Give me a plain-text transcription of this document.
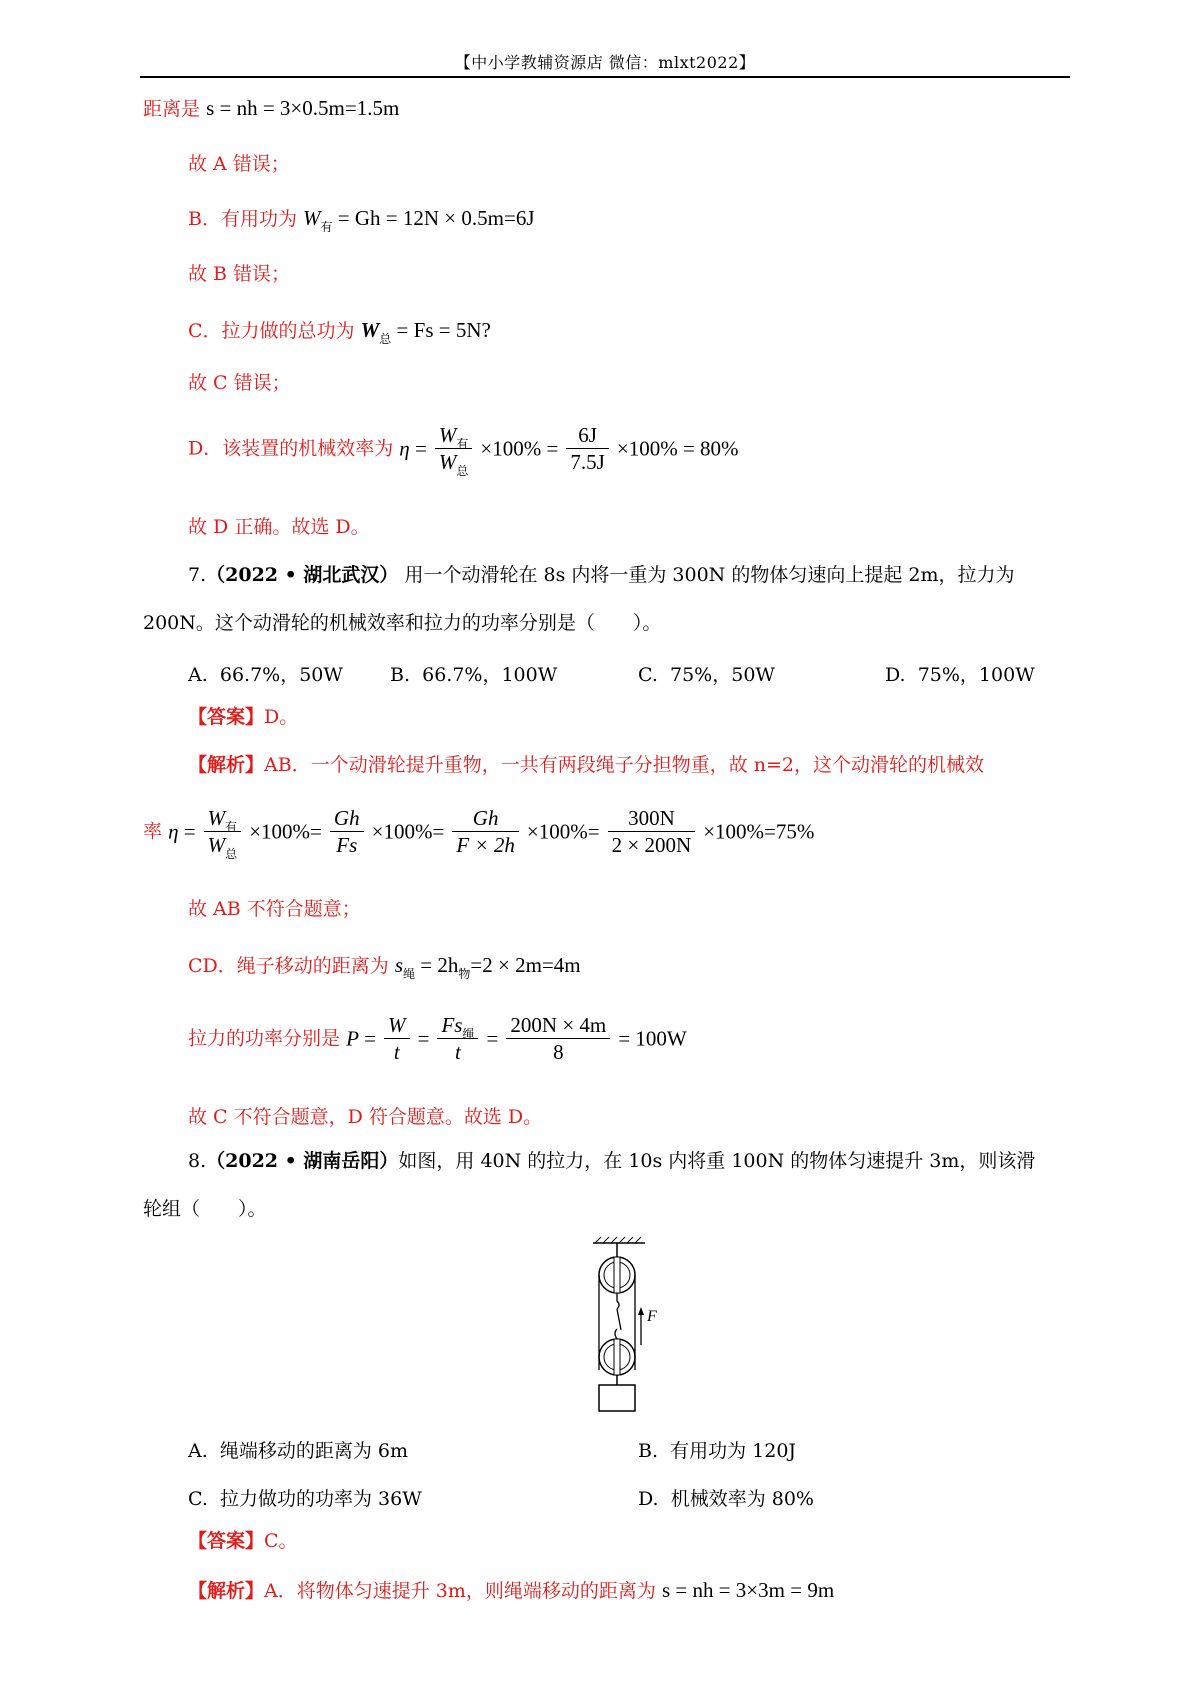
【中小学教辅资源店 微信：mlxt2022】
距离是 s = nh = 3×0.5m=1.5m
故 A 错误；
B．有用功为 $W_有 = Gh = 12N \times 0.5m=6J$
故 B 错误；
C．拉力做的总功为 $W_总 = Fs = 5N$?
故 C 错误；
D．该装置的机械效率为 $\eta = \frac{W_有}{W_总} \times 100\% = \frac{6J}{7.5J} \times 100\% = 80\%$
故 D 正确。故选 D。
7.（2022 • 湖北武汉） 用一个动滑轮在 8s 内将一重为 300N 的物体匀速向上提起 2m，拉力为
200N。这个动滑轮的机械效率和拉力的功率分别是（　　）。
A. 66.7%，50W B. 66.7%，100W	C. 75%，50W	D. 75%，100W
【答案】D。
【解析】AB．一个动滑轮提升重物，一共有两段绳子分担物重，故 n=2，这个动滑轮的机械效
率 $\eta = \frac{W_有}{W_总} \times 100\%= \frac{Gh}{Fs} \times 100\%= \frac{Gh}{F \times 2h} \times 100\%= \frac{300N}{2 \times 200N} \times 100\%=75\%$
故 AB 不符合题意；
CD．绳子移动的距离为 $s_绳 = 2h_物=2 \times 2m=4m$
拉力的功率分别是 $P = \frac{W}{t} = \frac{Fs_绳}{t} = \frac{200N \times 4m}{8} = 100W$
故 C 不符合题意，D 符合题意。故选 D。
8.（2022 • 湖南岳阳）如图，用 40N 的拉力，在 10s 内将重 100N 的物体匀速提升 3m，则该滑
轮组（　　）。
F
A. 绳端移动的距离为 6m	B. 有用功为 120J
C. 拉力做功的功率为 36W	D. 机械效率为 80%
【答案】C。
【解析】A．将物体匀速提升 3m，则绳端移动的距离为 s = nh = 3×3m = 9m
